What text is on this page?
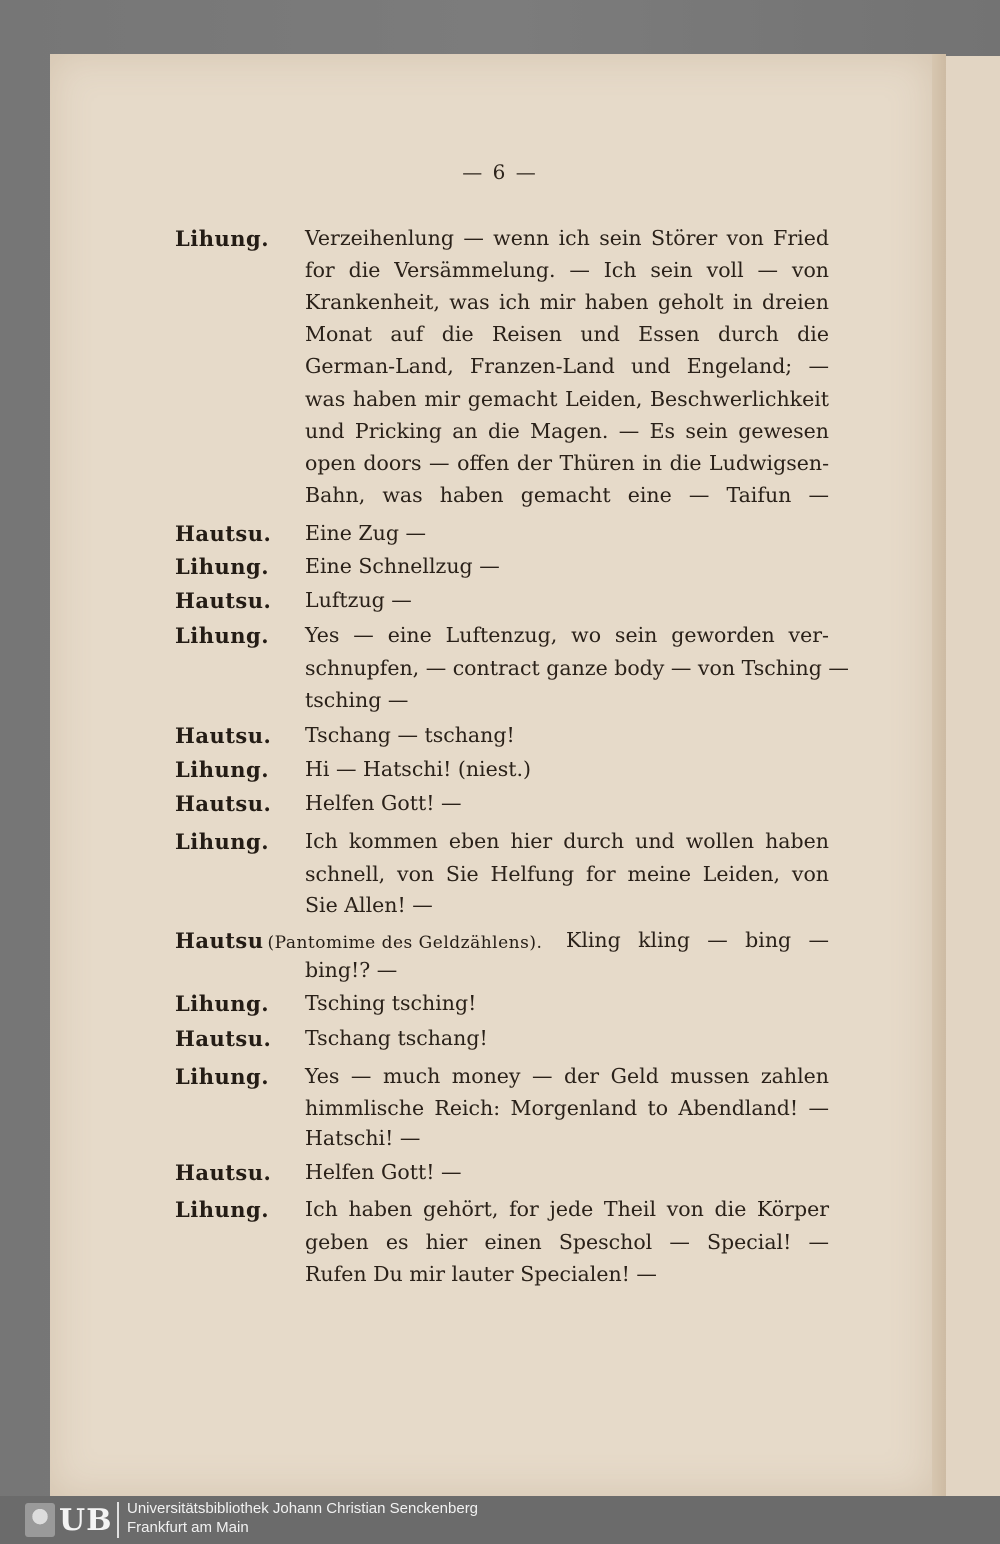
— 6 —
Lihung. Verzeihenlung — wenn ich sein Störer von Fried
for die Versämmelung. — Ich sein voll — von
Krankenheit, was ich mir haben geholt in dreien
Monat auf die Reisen und Essen durch die
German-Land, Franzen-Land und Engeland; —
was haben mir gemacht Leiden, Beschwerlichkeit
und Pricking an die Magen. — Es sein gewesen
open doors — offen der Thüren in die Ludwigsen-
Bahn, was haben gemacht eine — Taifun —
Hautsu. Eine Zug —
Lihung. Eine Schnellzug —
Hautsu. Luftzug —
Lihung. Yes — eine Luftenzug, wo sein geworden ver-
schnupfen, — contract ganze body — von Tsching —
tsching —
Hautsu. Tschang — tschang!
Lihung. Hi — Hatschi! (niest.)
Hautsu. Helfen Gott! —
Lihung. Ich kommen eben hier durch und wollen haben
schnell, von Sie Helfung for meine Leiden, von
Sie Allen! —
Hautsu (Pantomime des Geldzählens). Kling kling — bing —
bing!? —
Lihung. Tsching tsching!
Hautsu. Tschang tschang!
Lihung. Yes — much money — der Geld mussen zahlen
himmlische Reich: Morgenland to Abendland! —
Hatschi! —
Hautsu. Helfen Gott! —
Lihung. Ich haben gehört, for jede Theil von die Körper
geben es hier einen Speschol — Special! —
Rufen Du mir lauter Specialen! —
UB Universitätsbibliothek Johann Christian Senckenberg
Frankfurt am Main
